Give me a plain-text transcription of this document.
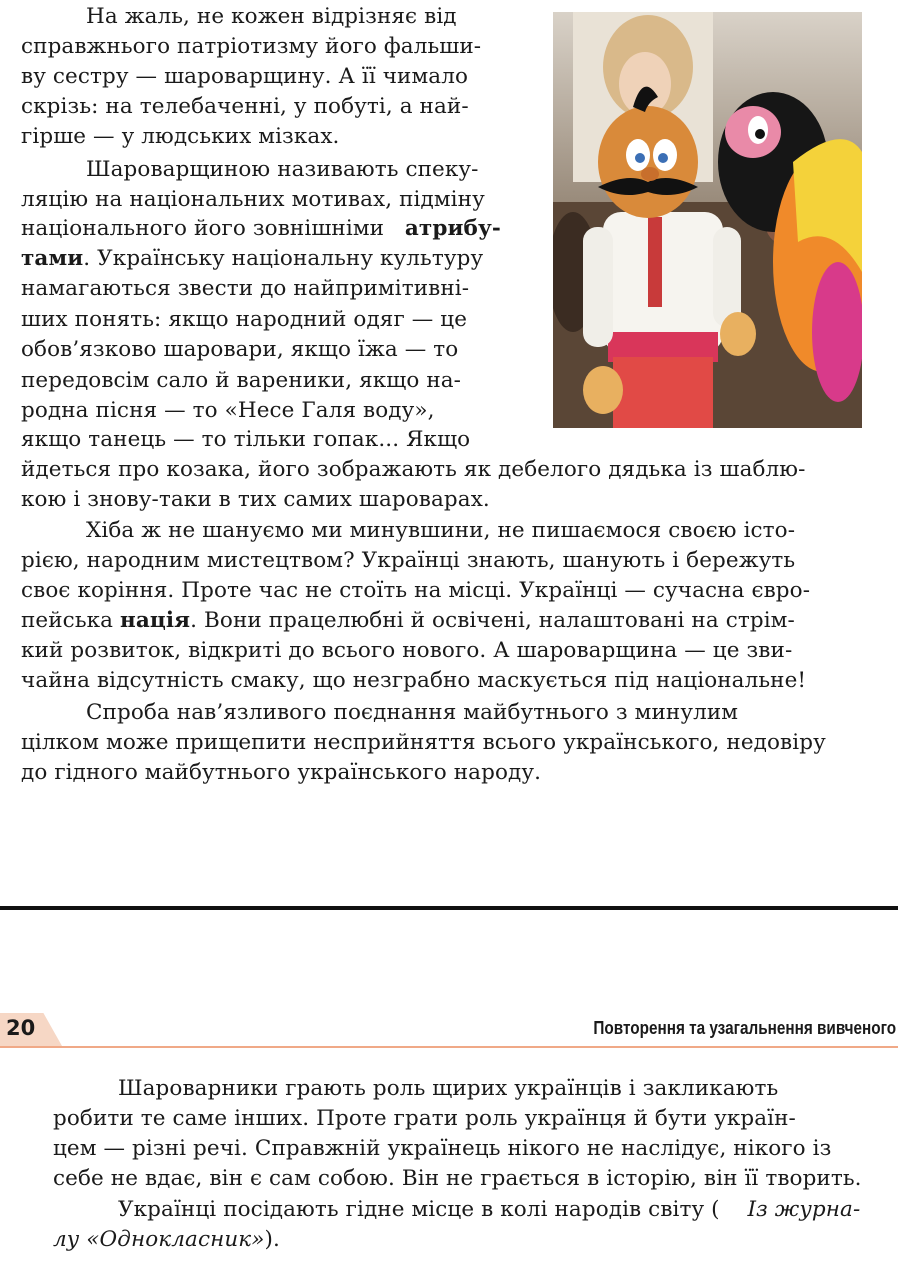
На жаль, не кожен відрізняє від
справжнього патріотизму його фальши-
ву сестру — шароварщину. А її чимало
скрізь: на телебаченні, у побуті, а най-
гірше — у людських мізках.
Шароварщиною називають спеку-
ляцію на національних мотивах, підміну
національного його зовнішніми атрибу-
тами. Українську національну культуру
намагаються звести до найпримітивні-
ших понять: якщо народний одяг — це
обов’язково шаровари, якщо їжа — то
передовсім сало й вареники, якщо на-
родна пісня — то «Несе Галя воду»,
якщо танець — то тільки гопак... Якщо
йдеться про козака, його зображають як дебелого дядька із шаблю-
кою і знову-таки в тих самих шароварах.
Хіба ж не шануємо ми минувшини, не пишаємося своєю істо-
рією, народним мистецтвом? Українці знають, шанують і бережуть
своє коріння. Проте час не стоїть на місці. Українці — сучасна євро-
пейська нація. Вони працелюбні й освічені, налаштовані на стрім-
кий розвиток, відкриті до всього нового. А шароварщина — це зви-
чайна відсутність смаку, що незграбно маскується під національне!
Спроба нав’язливого поєднання майбутнього з минулим
цілком може прищепити несприйняття всього українського, недовіру
до гідного майбутнього українського народу.
20	Повторення та узагальнення вивченого
Шароварники грають роль щирих українців і закликають
робити те саме інших. Проте грати роль українця й бути україн-
цем — різні речі. Справжній українець нікого не наслідує, нікого із
себе не вдає, він є сам собою. Він не грається в історію, він її творить.
Українці посідають гідне місце в колі народів світу ( Із журна-
лу «Однокласник»).
